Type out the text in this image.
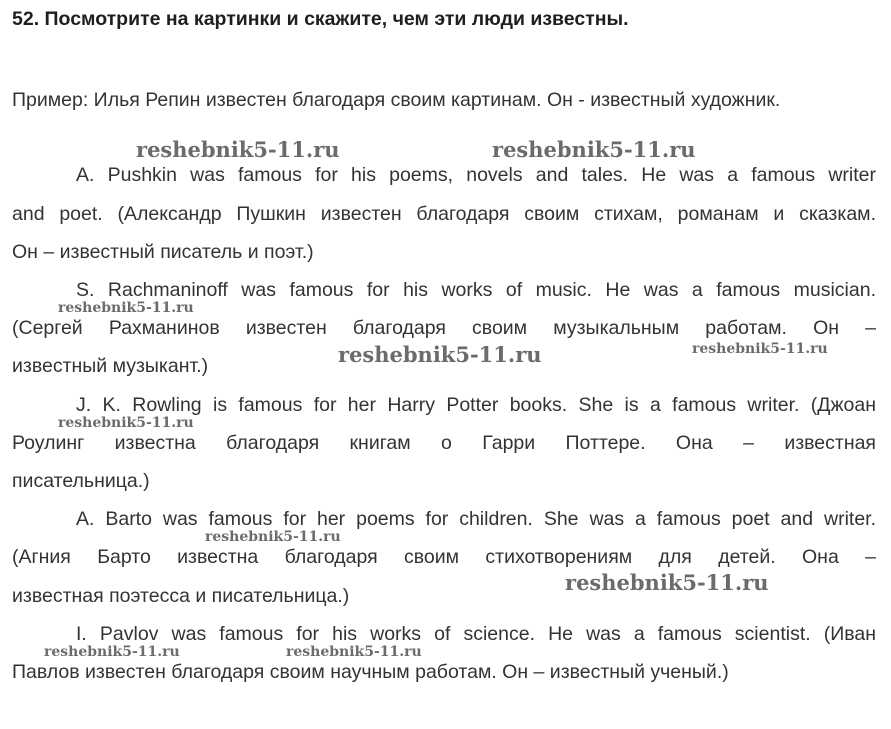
52. Посмотрите на картинки и скажите, чем эти люди известны.

Пример: Илья Репин известен благодаря своим картинам. Он - известный художник.

A. Pushkin was famous for his poems, novels and tales. He was a famous writer

and poet. (Александр Пушкин известен благодаря своим стихам, романам и сказкам.

Он – известный писатель и поэт.)

S. Rachmaninoff was famous for his works of music. He was a famous musician.

(Сергей Рахманинов известен благодаря своим музыкальным работам. Он –

известный музыкант.)

J. K. Rowling is famous for her Harry Potter books. She is a famous writer. (Джоан

Роулинг известна благодаря книгам о Гарри Поттере. Она – известная

писательница.)

A. Barto was famous for her poems for children. She was a famous poet and writer.

(Агния Барто известна благодаря своим стихотворениям для детей. Она –

известная поэтесса и писательница.)

I. Pavlov was famous for his works of science. He was a famous scientist. (Иван

Павлов известен благодаря своим научным работам. Он – известный ученый.)

reshebnik5-11.ru	reshebnik5-11.ru
reshebnik5-11.ru
reshebnik5-11.ru	reshebnik5-11.ru
reshebnik5-11.ru
reshebnik5-11.ru
reshebnik5-11.ru
reshebnik5-11.ru	reshebnik5-11.ru
